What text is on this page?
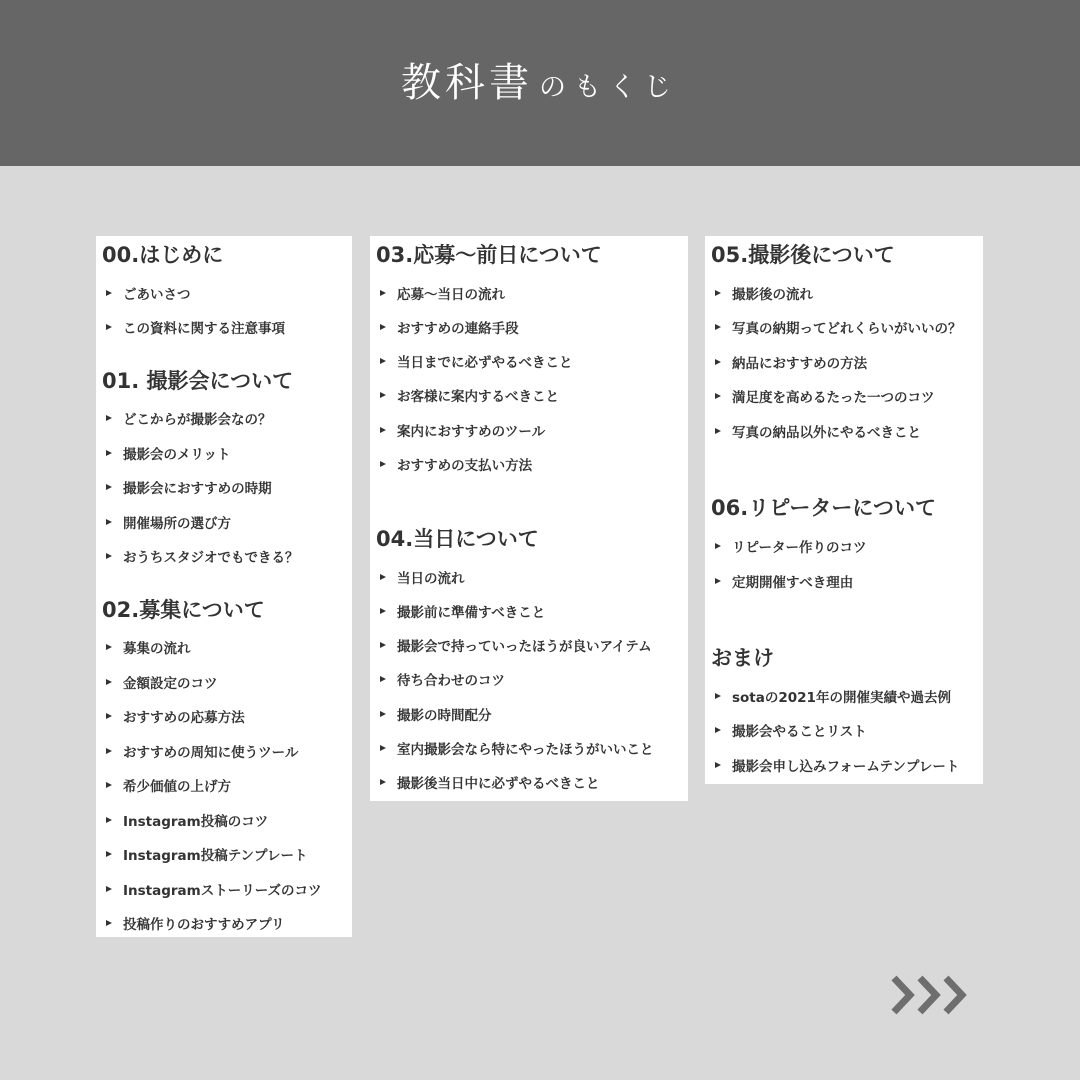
教科書 のもくじ
00.はじめに
ごあいさつ
この資料に関する注意事項
01. 撮影会について
どこからが撮影会なの？
撮影会のメリット
撮影会におすすめの時期
開催場所の選び方
おうちスタジオでもできる？
02.募集について
募集の流れ
金額設定のコツ
おすすめの応募方法
おすすめの周知に使うツール
希少価値の上げ方
Instagram投稿のコツ
Instagram投稿テンプレート
Instagramストーリーズのコツ
投稿作りのおすすめアプリ
03.応募〜前日について
応募〜当日の流れ
おすすめの連絡手段
当日までに必ずやるべきこと
お客様に案内するべきこと
案内におすすめのツール
おすすめの支払い方法
04.当日について
当日の流れ
撮影前に準備すべきこと
撮影会で持っていったほうが良いアイテム
待ち合わせのコツ
撮影の時間配分
室内撮影会なら特にやったほうがいいこと
撮影後当日中に必ずやるべきこと
05.撮影後について
撮影後の流れ
写真の納期ってどれくらいがいいの？
納品におすすめの方法
満足度を高めるたった一つのコツ
写真の納品以外にやるべきこと
06.リピーターについて
リピーター作りのコツ
定期開催すべき理由
おまけ
sotaの2021年の開催実績や過去例
撮影会やることリスト
撮影会申し込みフォームテンプレート
